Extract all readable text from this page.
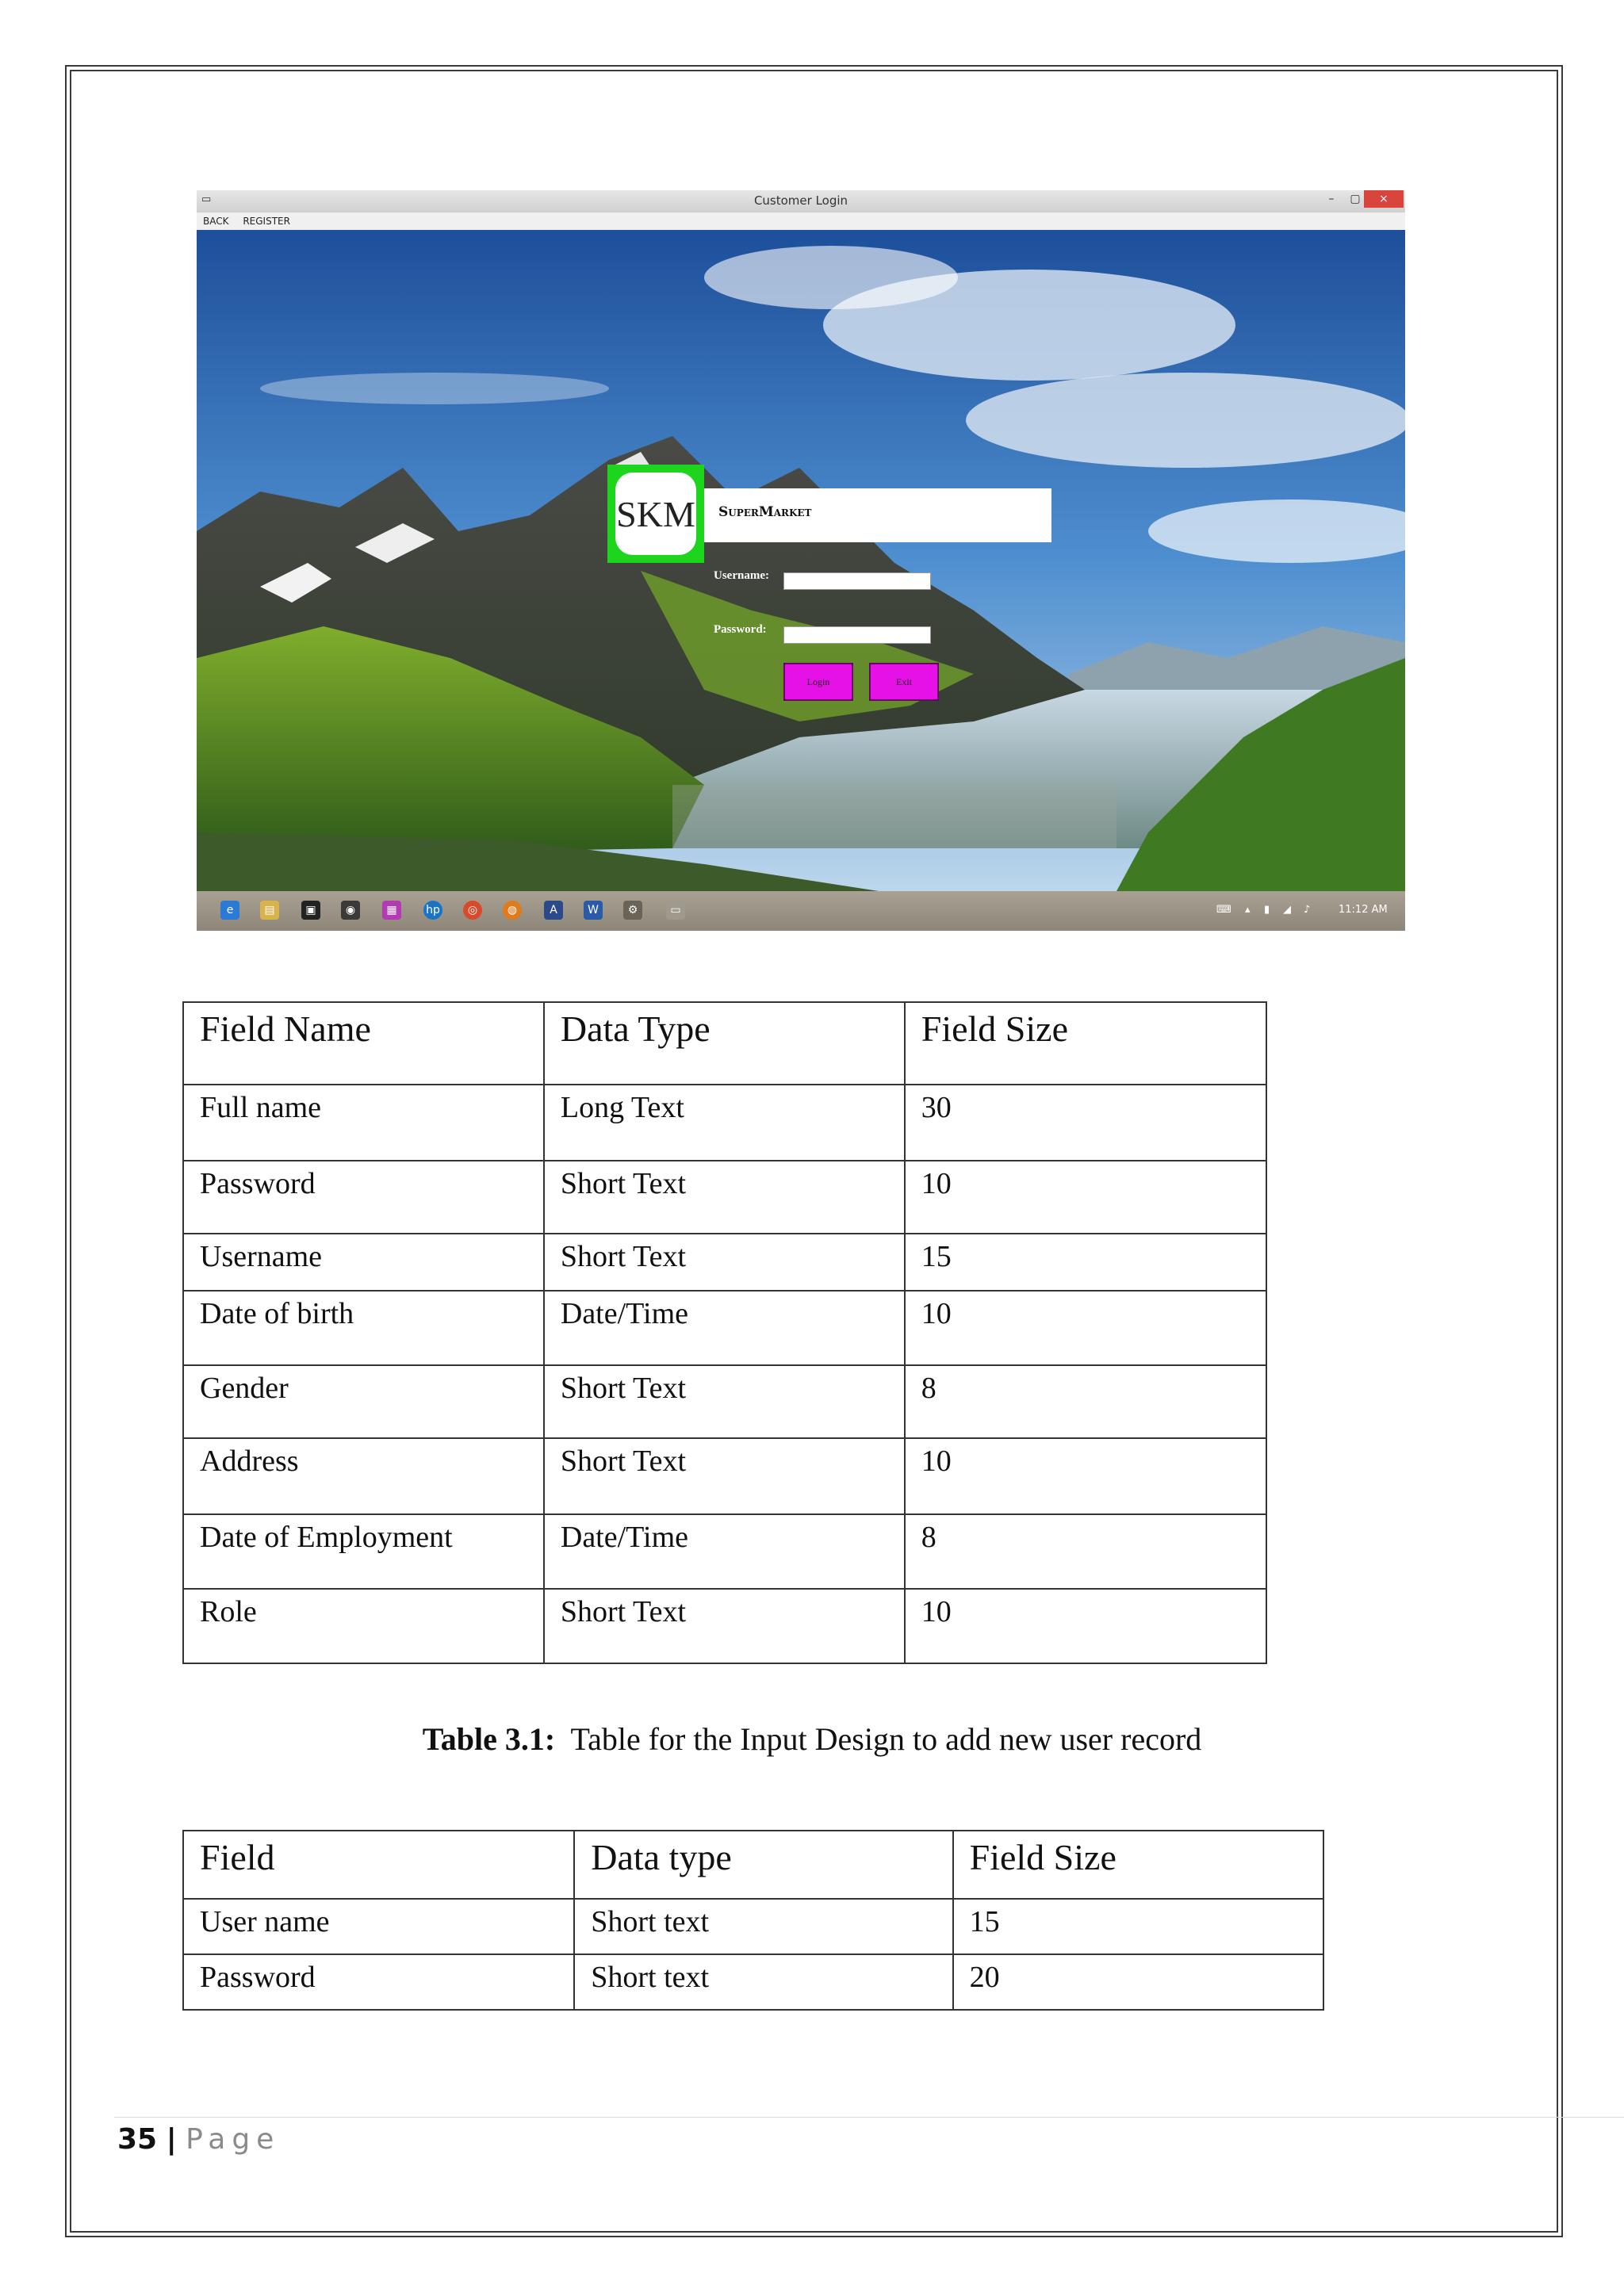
▭	Customer Login	–	▢	×
BACK REGISTER
SKM SuperMarket
Username:
Password:
Login	Exit
e	▤	▣	◉	▦	hp	◎	◍	A	W	⚙	▭	⌨ ▴ ▮ ◢ ♪	11:12 AM
Field Name	Data Type	Field Size
Full name	Long Text	30
Password	Short Text	10
Username	Short Text	15
Date of birth	Date/Time	10
Gender	Short Text	8
Address	Short Text	10
Date of Employment	Date/Time	8
Role	Short Text	10
Table 3.1: Table for the Input Design to add new user record
Field	Data type	Field Size
User name	Short text	15
Password	Short text	20
35 | Page
